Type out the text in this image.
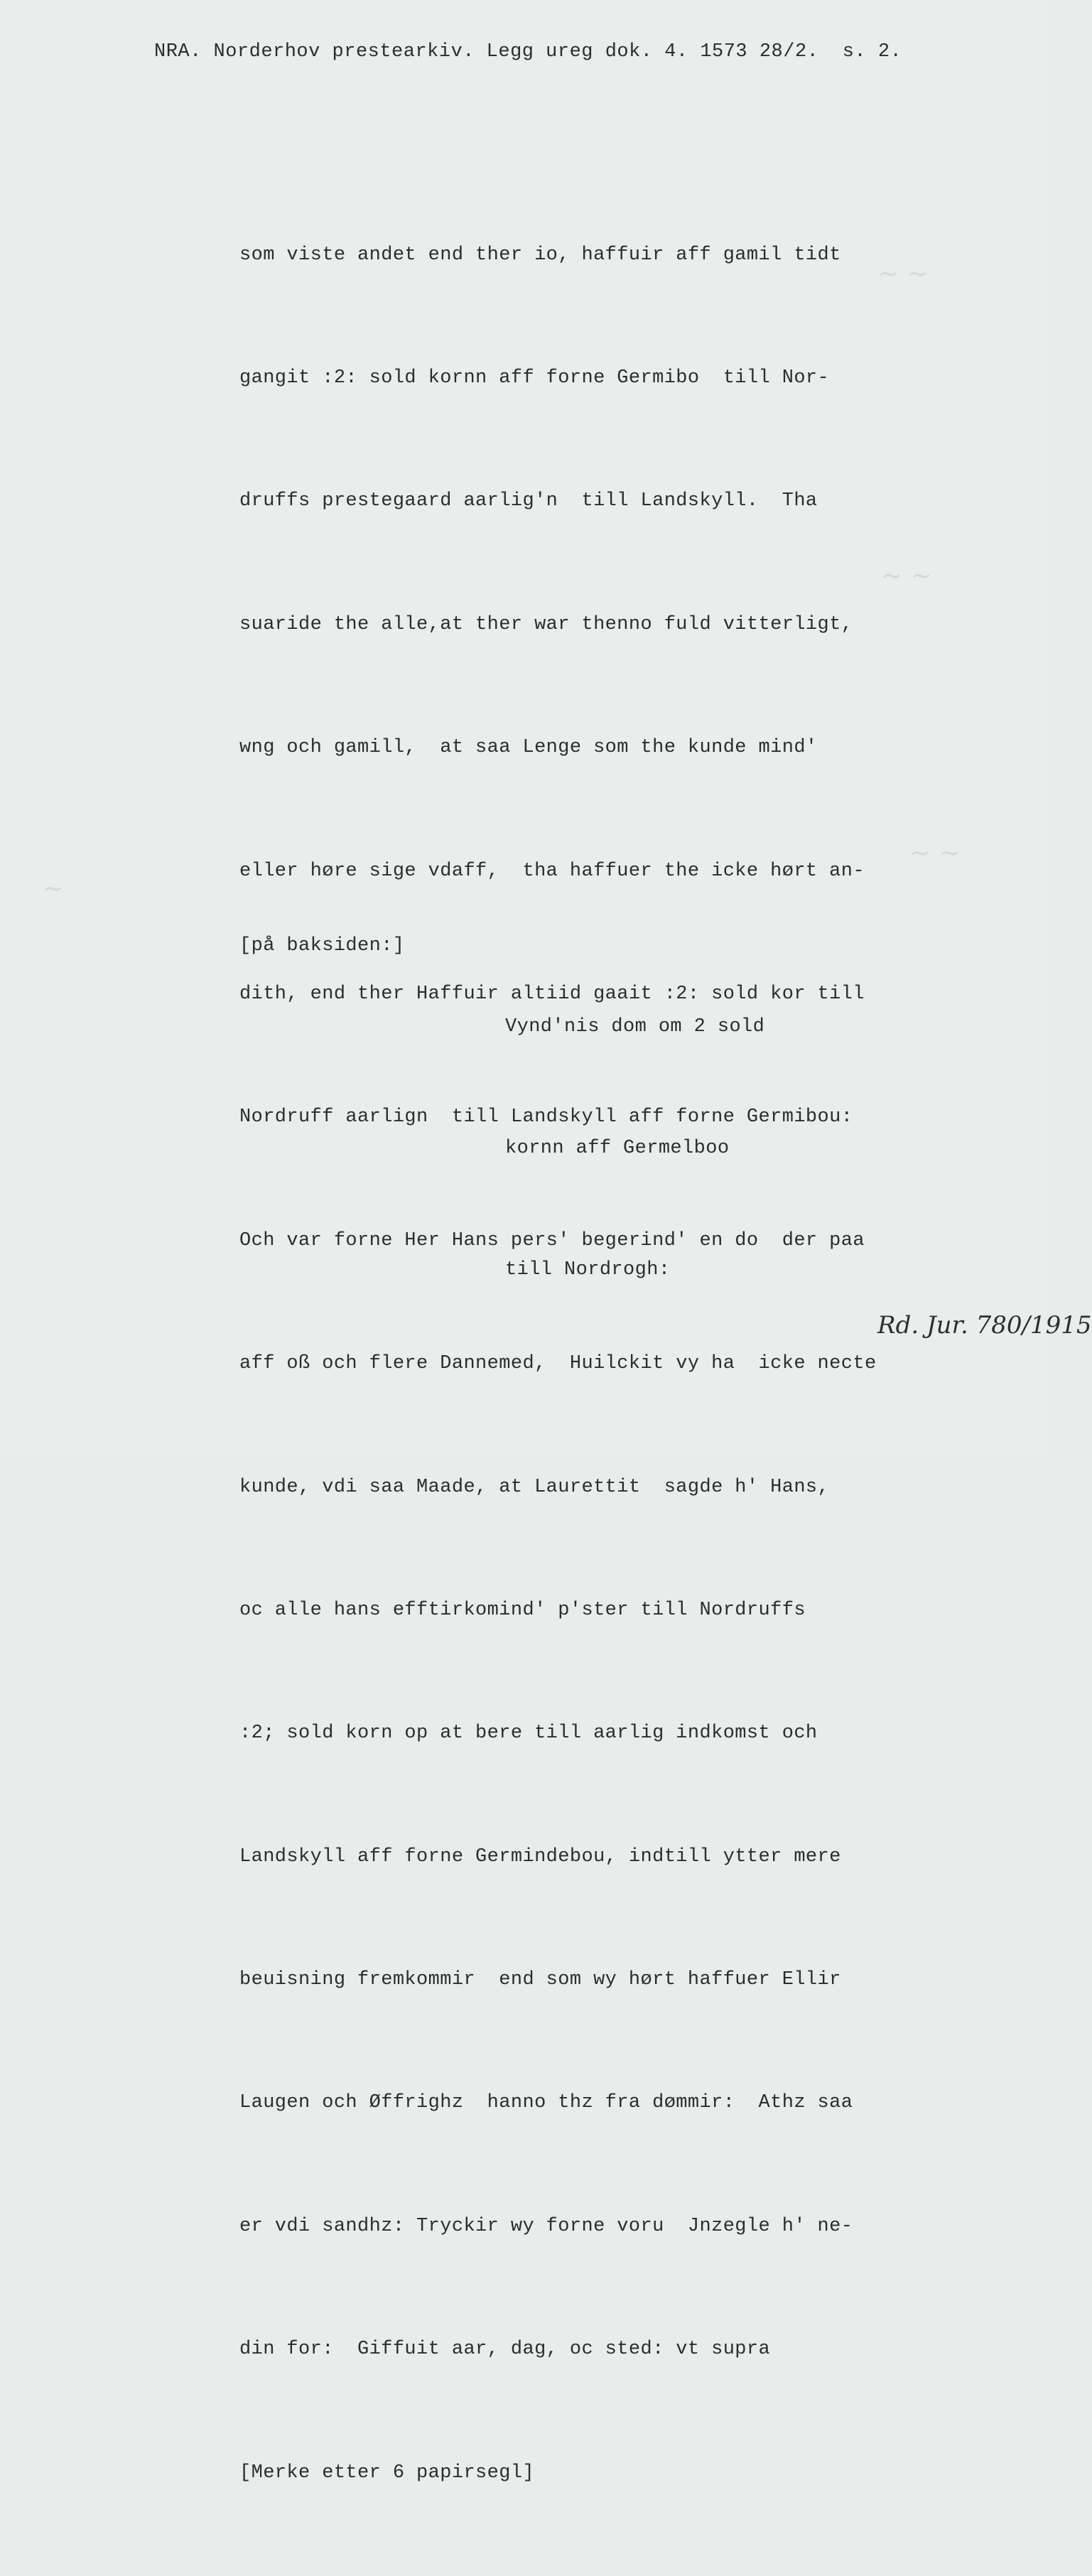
NRA. Norderhov prestearkiv. Legg ureg dok. 4. 1573 28/2.  s. 2.

som viste andet end ther io, haffuir aff gamil tidt

gangit :2: sold kornn aff forne Germibo  till Nor-

druffs prestegaard aarlig'n  till Landskyll.  Tha

suaride the alle,at ther war thenno fuld vitterligt,

wng och gamill,  at saa Lenge som the kunde mind'

eller høre sige vdaff,  tha haffuer the icke hørt an-

dith, end ther Haffuir altiid gaait :2: sold kor till

Nordruff aarlign  till Landskyll aff forne Germibou:

Och var forne Her Hans pers' begerind' en do  der paa

aff oß och flere Dannemed,  Huilckit vy ha  icke necte

kunde, vdi saa Maade, at Laurettit  sagde h' Hans,

oc alle hans efftirkomind' p'ster till Nordruffs

:2; sold korn op at bere till aarlig indkomst och

Landskyll aff forne Germindebou, indtill ytter mere

beuisning fremkommir  end som wy hørt haffuer Ellir

Laugen och Øffrighz  hanno thz fra dømmir:  Athz saa

er vdi sandhz: Tryckir wy forne voru  Jnzegle h' ne-

din for:  Giffuit aar, dag, oc sted: vt supra

[Merke etter 6 papirsegl]

[på baksiden:]

Vynd'nis dom om 2 sold

kornn aff Germelboo

till Nordrogh:

~ ~
~ ~
~
~ ~
Rd. Jur. 780/1915
